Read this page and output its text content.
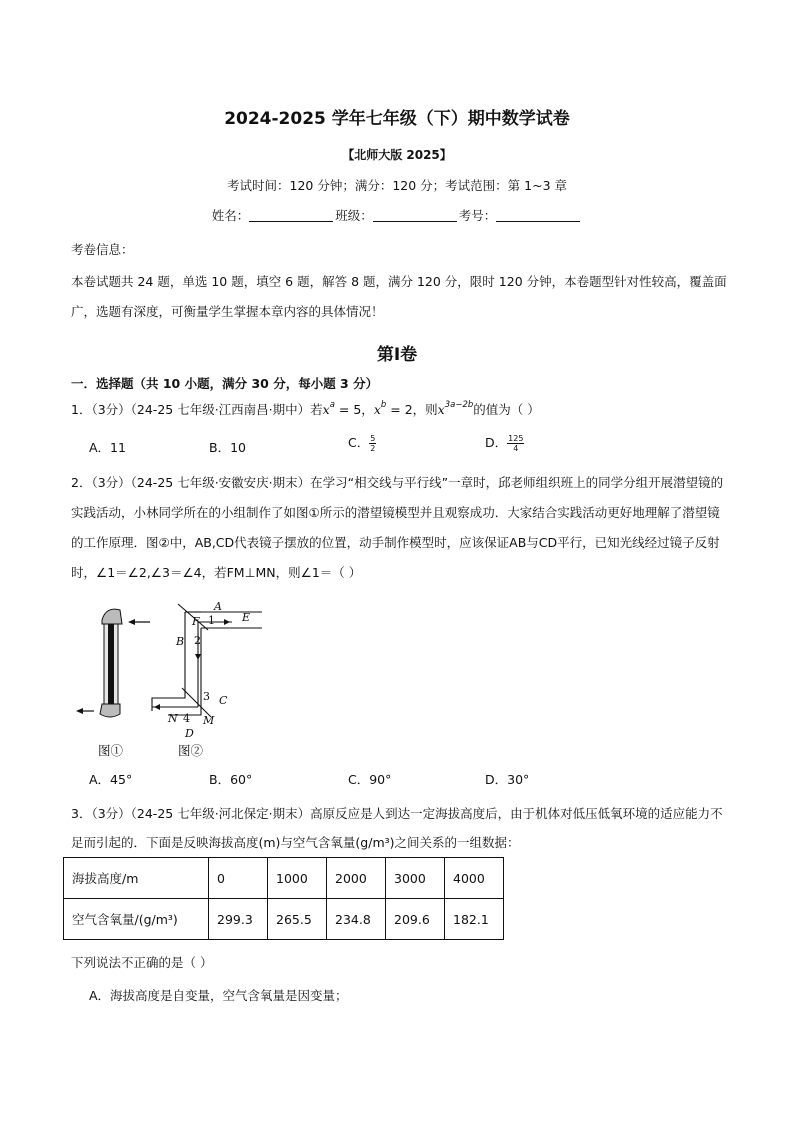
2024-2025 学年七年级（下）期中数学试卷
【北师大版 2025】
考试时间：120 分钟；满分：120 分；考试范围：第 1~3 章
姓名：	班级：	考号：
考卷信息：
本卷试题共 24 题，单选 10 题，填空 6 题，解答 8 题，满分 120 分，限时 120 分钟，本卷题型针对性较高，覆盖面广，选题有深度，可衡量学生掌握本章内容的具体情况！
第Ⅰ卷
一．选择题（共 10 小题，满分 30 分，每小题 3 分）
1．（3分）（24-25 七年级·江西南昌·期中）若$x^a = 5$，$x^b = 2$，则$x^{3a-2b}$的值为（ ）
A．11	B．10	C． $\frac{5}{2}$	D． $\frac{125}{4}$
2．（3分）（24-25 七年级·安徽安庆·期末）在学习“相交线与平行线”一章时，邱老师组织班上的同学分组开展潜望镜的实践活动，小林同学所在的小组制作了如图①所示的潜望镜模型并且观察成功．大家结合实践活动更好地理解了潜望镜的工作原理．图②中，AB,CD代表镜子摆放的位置，动手制作模型时，应该保证AB与CD平行，已知光线经过镜子反射时，∠1＝∠2,∠3＝∠4，若FM⊥MN，则∠1＝（ ）
A
E
F
B
C
N M
D
1
2
3
4
图①	图②
A．45°	B．60°	C．90°	D．30°
3．（3分）（24-25 七年级·河北保定·期末）高原反应是人到达一定海拔高度后，由于机体对低压低氧环境的适应能力不足而引起的．下面是反映海拔高度(m)与空气含氧量(g/m³)之间关系的一组数据：
海拔高度/m	0	1000	2000	3000	4000
空气含氧量/(g/m³)	299.3	265.5	234.8	209.6	182.1
下列说法不正确的是（ ）
A．海拔高度是自变量，空气含氧量是因变量；
